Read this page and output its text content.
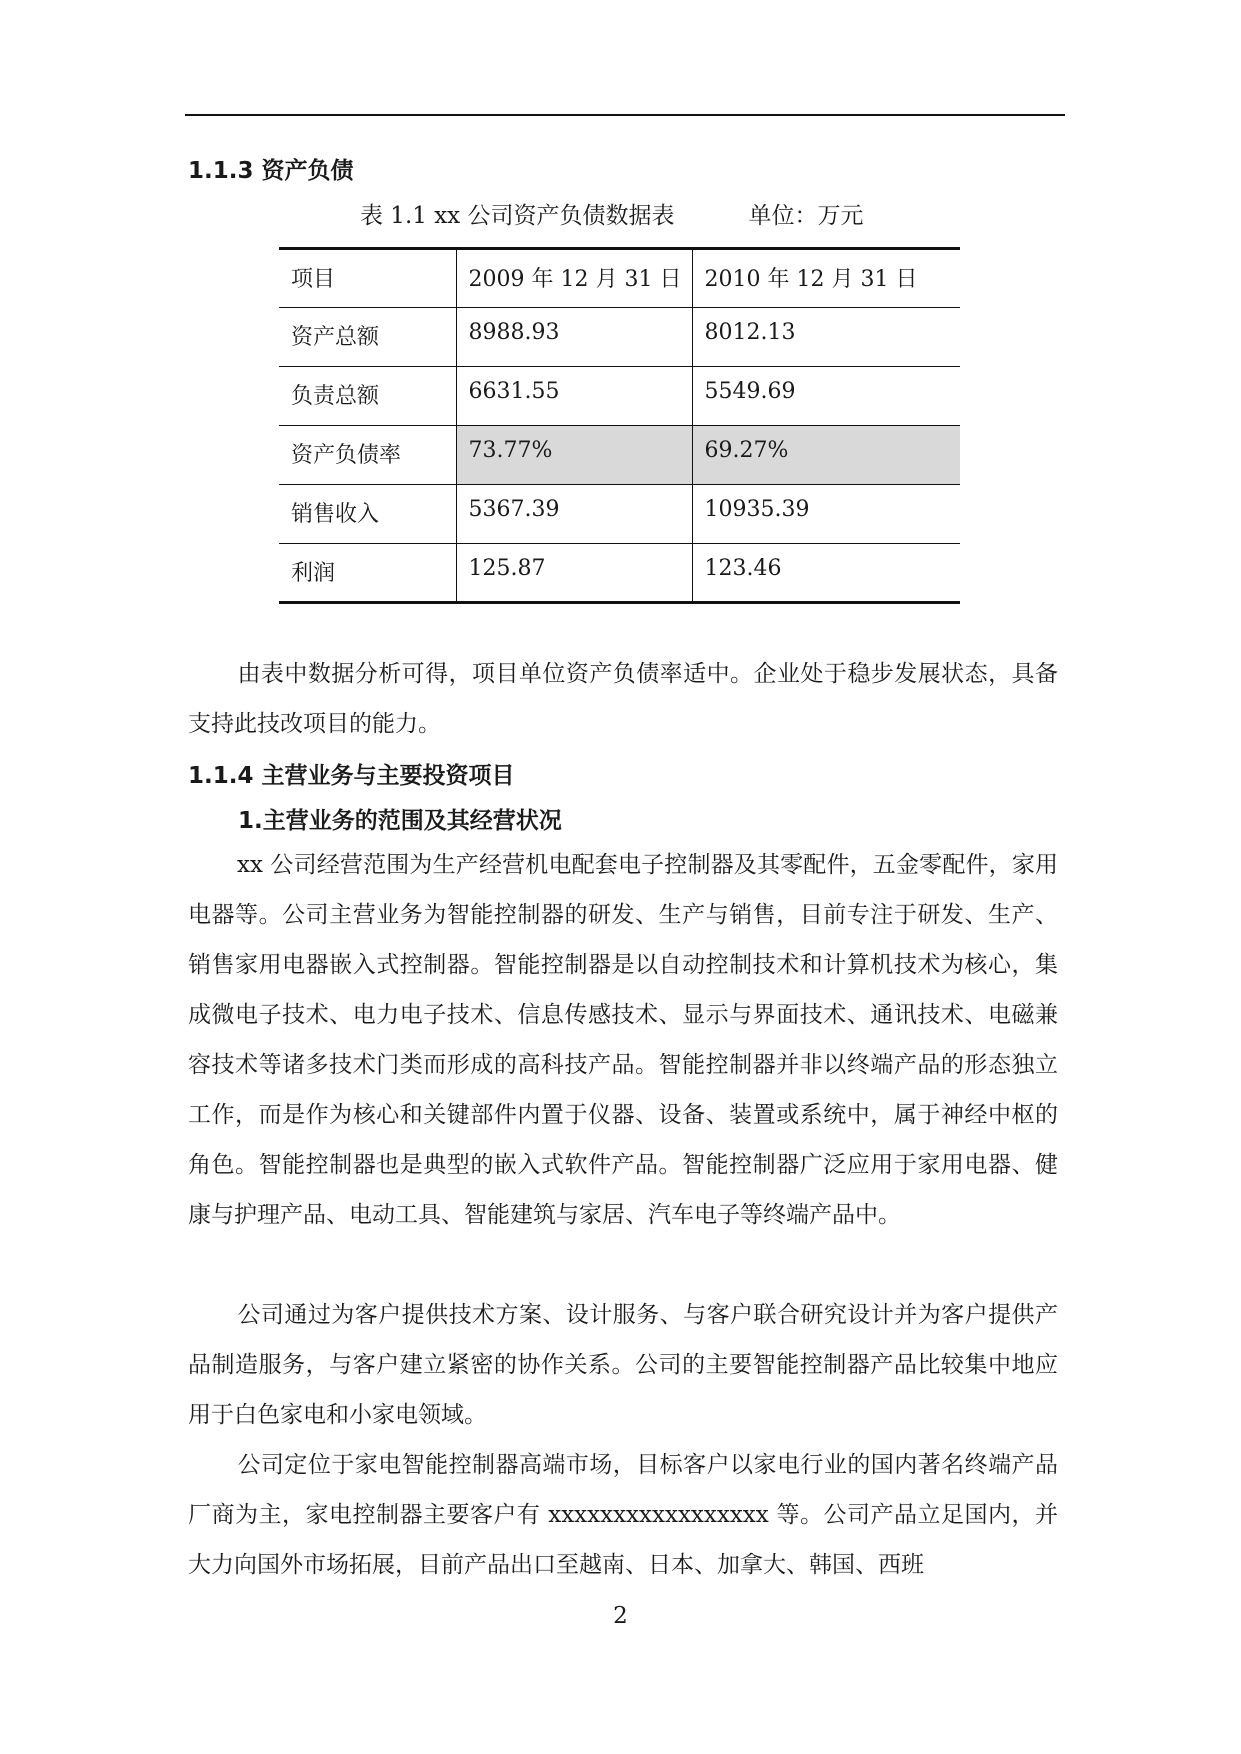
1.1.3 资产负债
表 1.1 xx 公司资产负债数据表	单位：万元
项目	2009 年 12 月 31 日	2010 年 12 月 31 日
资产总额	8988.93	8012.13
负责总额	6631.55	5549.69
资产负债率	73.77%	69.27%
销售收入	5367.39	10935.39
利润	125.87	123.46
由表中数据分析可得，项目单位资产负债率适中。企业处于稳步发展状态，具备支持此技改项目的能力。
1.1.4 主营业务与主要投资项目
1.主营业务的范围及其经营状况
xx 公司经营范围为生产经营机电配套电子控制器及其零配件，五金零配件，家用电器等。公司主营业务为智能控制器的研发、生产与销售，目前专注于研发、生产、销售家用电器嵌入式控制器。智能控制器是以自动控制技术和计算机技术为核心，集成微电子技术、电力电子技术、信息传感技术、显示与界面技术、通讯技术、电磁兼容技术等诸多技术门类而形成的高科技产品。智能控制器并非以终端产品的形态独立工作，而是作为核心和关键部件内置于仪器、设备、装置或系统中，属于神经中枢的角色。智能控制器也是典型的嵌入式软件产品。智能控制器广泛应用于家用电器、健康与护理产品、电动工具、智能建筑与家居、汽车电子等终端产品中。
公司通过为客户提供技术方案、设计服务、与客户联合研究设计并为客户提供产品制造服务，与客户建立紧密的协作关系。公司的主要智能控制器产品比较集中地应用于白色家电和小家电领域。
公司定位于家电智能控制器高端市场，目标客户以家电行业的国内著名终端产品厂商为主，家电控制器主要客户有 xxxxxxxxxxxxxxxxx 等。公司产品立足国内，并大力向国外市场拓展，目前产品出口至越南、日本、加拿大、韩国、西班
2
